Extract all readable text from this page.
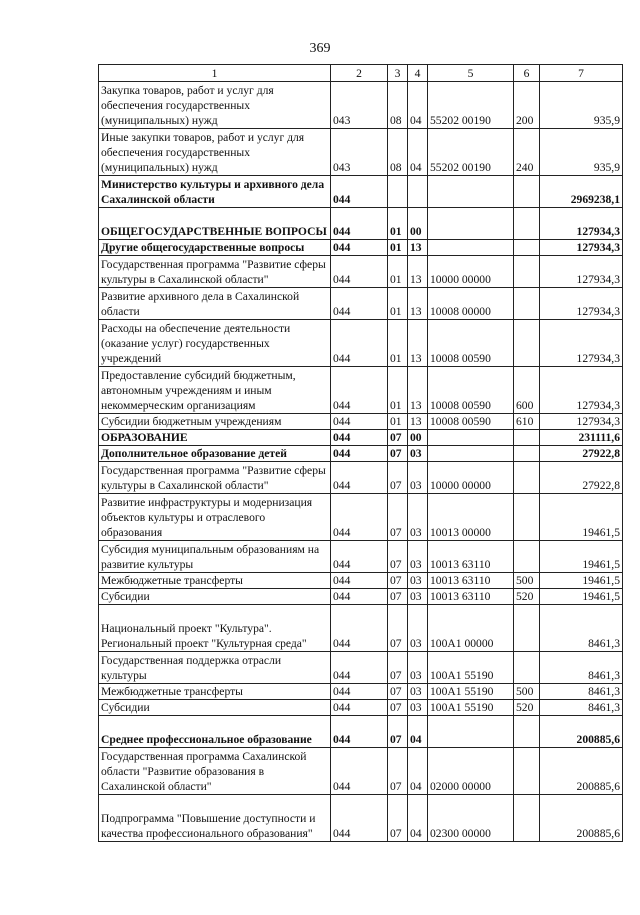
369
1	2	3	4	5	6	7
Закупка товаров, работ и услуг для обеспечения государственных (муниципальных) нужд	043	08	04	55202 00190	200	935,9
Иные закупки товаров, работ и услуг для обеспечения государственных (муниципальных) нужд	043	08	04	55202 00190	240	935,9
Министерство культуры и архивного дела Сахалинской области	044					2969238,1
ОБЩЕГОСУДАРСТВЕННЫЕ ВОПРОСЫ	044	01	00			127934,3
Другие общегосударственные вопросы	044	01	13			127934,3
Государственная программа "Развитие сферы культуры в Сахалинской области"	044	01	13	10000 00000		127934,3
Развитие архивного дела в Сахалинской области	044	01	13	10008 00000		127934,3
Расходы на обеспечение деятельности (оказание услуг) государственных учреждений	044	01	13	10008 00590		127934,3
Предоставление субсидий бюджетным, автономным учреждениям и иным некоммерческим организациям	044	01	13	10008 00590	600	127934,3
Субсидии бюджетным учреждениям	044	01	13	10008 00590	610	127934,3
ОБРАЗОВАНИЕ	044	07	00			231111,6
Дополнительное образование детей	044	07	03			27922,8
Государственная программа "Развитие сферы культуры в Сахалинской области"	044	07	03	10000 00000		27922,8
Развитие инфраструктуры и модернизация объектов культуры и отраслевого образования	044	07	03	10013 00000		19461,5
Субсидия муниципальным образованиям на развитие культуры	044	07	03	10013 63110		19461,5
Межбюджетные трансферты	044	07	03	10013 63110	500	19461,5
Субсидии	044	07	03	10013 63110	520	19461,5
Национальный проект "Культура". Региональный проект "Культурная среда"	044	07	03	100A1 00000		8461,3
Государственная поддержка отрасли культуры	044	07	03	100A1 55190		8461,3
Межбюджетные трансферты	044	07	03	100A1 55190	500	8461,3
Субсидии	044	07	03	100A1 55190	520	8461,3
Среднее профессиональное образование	044	07	04			200885,6
Государственная программа Сахалинской области "Развитие образования в Сахалинской области"	044	07	04	02000 00000		200885,6
Подпрограмма "Повышение доступности и качества профессионального образования"	044	07	04	02300 00000		200885,6
